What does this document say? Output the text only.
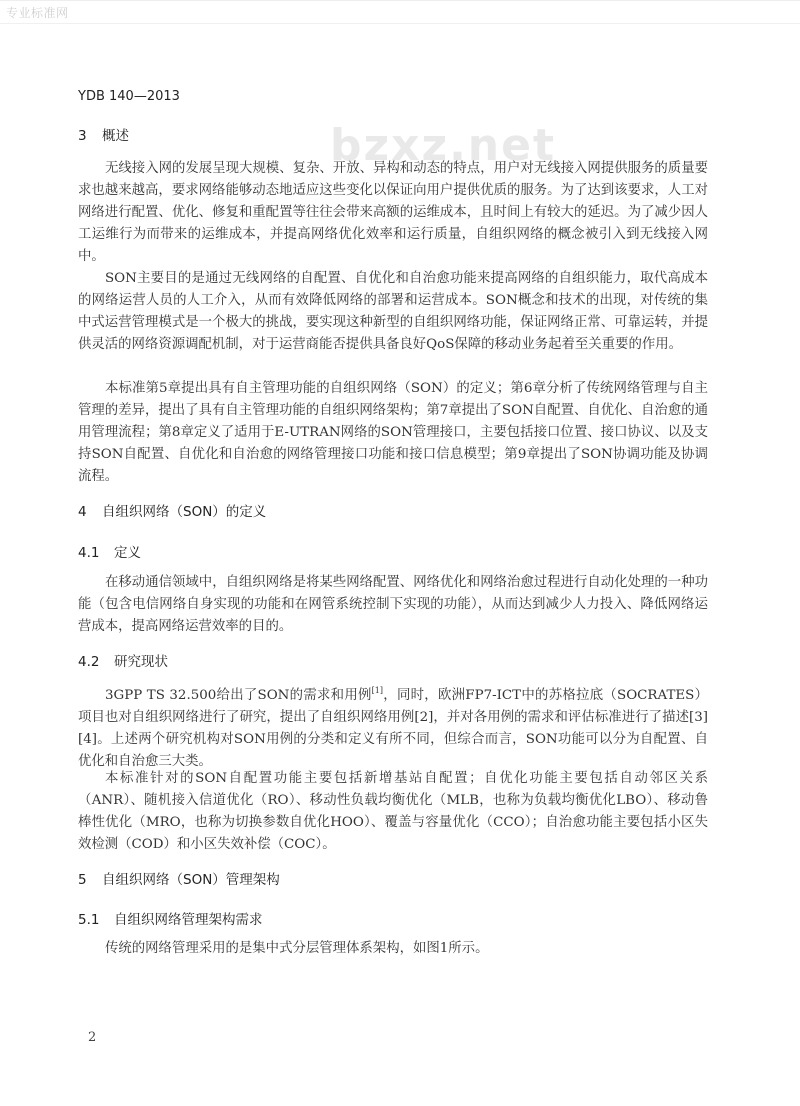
专业标准网
YDB 140—2013
bzxz.net
3 概述
无线接入网的发展呈现大规模、复杂、开放、异构和动态的特点，用户对无线接入网提供服务的质量要求也越来越高，要求网络能够动态地适应这些变化以保证向用户提供优质的服务。为了达到该要求，人工对网络进行配置、优化、修复和重配置等往往会带来高额的运维成本，且时间上有较大的延迟。为了减少因人工运维行为而带来的运维成本，并提高网络优化效率和运行质量，自组织网络的概念被引入到无线接入网中。
SON主要目的是通过无线网络的自配置、自优化和自治愈功能来提高网络的自组织能力，取代高成本的网络运营人员的人工介入，从而有效降低网络的部署和运营成本。SON概念和技术的出现，对传统的集中式运营管理模式是一个极大的挑战，要实现这种新型的自组织网络功能，保证网络正常、可靠运转，并提供灵活的网络资源调配机制，对于运营商能否提供具备良好QoS保障的移动业务起着至关重要的作用。
本标准第5章提出具有自主管理功能的自组织网络（SON）的定义；第6章分析了传统网络管理与自主管理的差异，提出了具有自主管理功能的自组织网络架构；第7章提出了SON自配置、自优化、自治愈的通用管理流程；第8章定义了适用于E-UTRAN网络的SON管理接口，主要包括接口位置、接口协议、以及支持SON自配置、自优化和自治愈的网络管理接口功能和接口信息模型；第9章提出了SON协调功能及协调流程。
4 自组织网络（SON）的定义
4.1 定义
在移动通信领域中，自组织网络是将某些网络配置、网络优化和网络治愈过程进行自动化处理的一种功能（包含电信网络自身实现的功能和在网管系统控制下实现的功能），从而达到减少人力投入、降低网络运营成本，提高网络运营效率的目的。
4.2 研究现状
3GPP TS 32.500给出了SON的需求和用例[1]，同时，欧洲FP7-ICT中的苏格拉底（SOCRATES）项目也对自组织网络进行了研究，提出了自组织网络用例[2]，并对各用例的需求和评估标准进行了描述[3][4]。上述两个研究机构对SON用例的分类和定义有所不同，但综合而言，SON功能可以分为自配置、自优化和自治愈三大类。
本标准针对的SON自配置功能主要包括新增基站自配置；自优化功能主要包括自动邻区关系（ANR）、随机接入信道优化（RO）、移动性负载均衡优化（MLB，也称为负载均衡优化LBO）、移动鲁棒性优化（MRO，也称为切换参数自优化HOO）、覆盖与容量优化（CCO）；自治愈功能主要包括小区失效检测（COD）和小区失效补偿（COC）。
5 自组织网络（SON）管理架构
5.1 自组织网络管理架构需求
传统的网络管理采用的是集中式分层管理体系架构，如图1所示。
2
